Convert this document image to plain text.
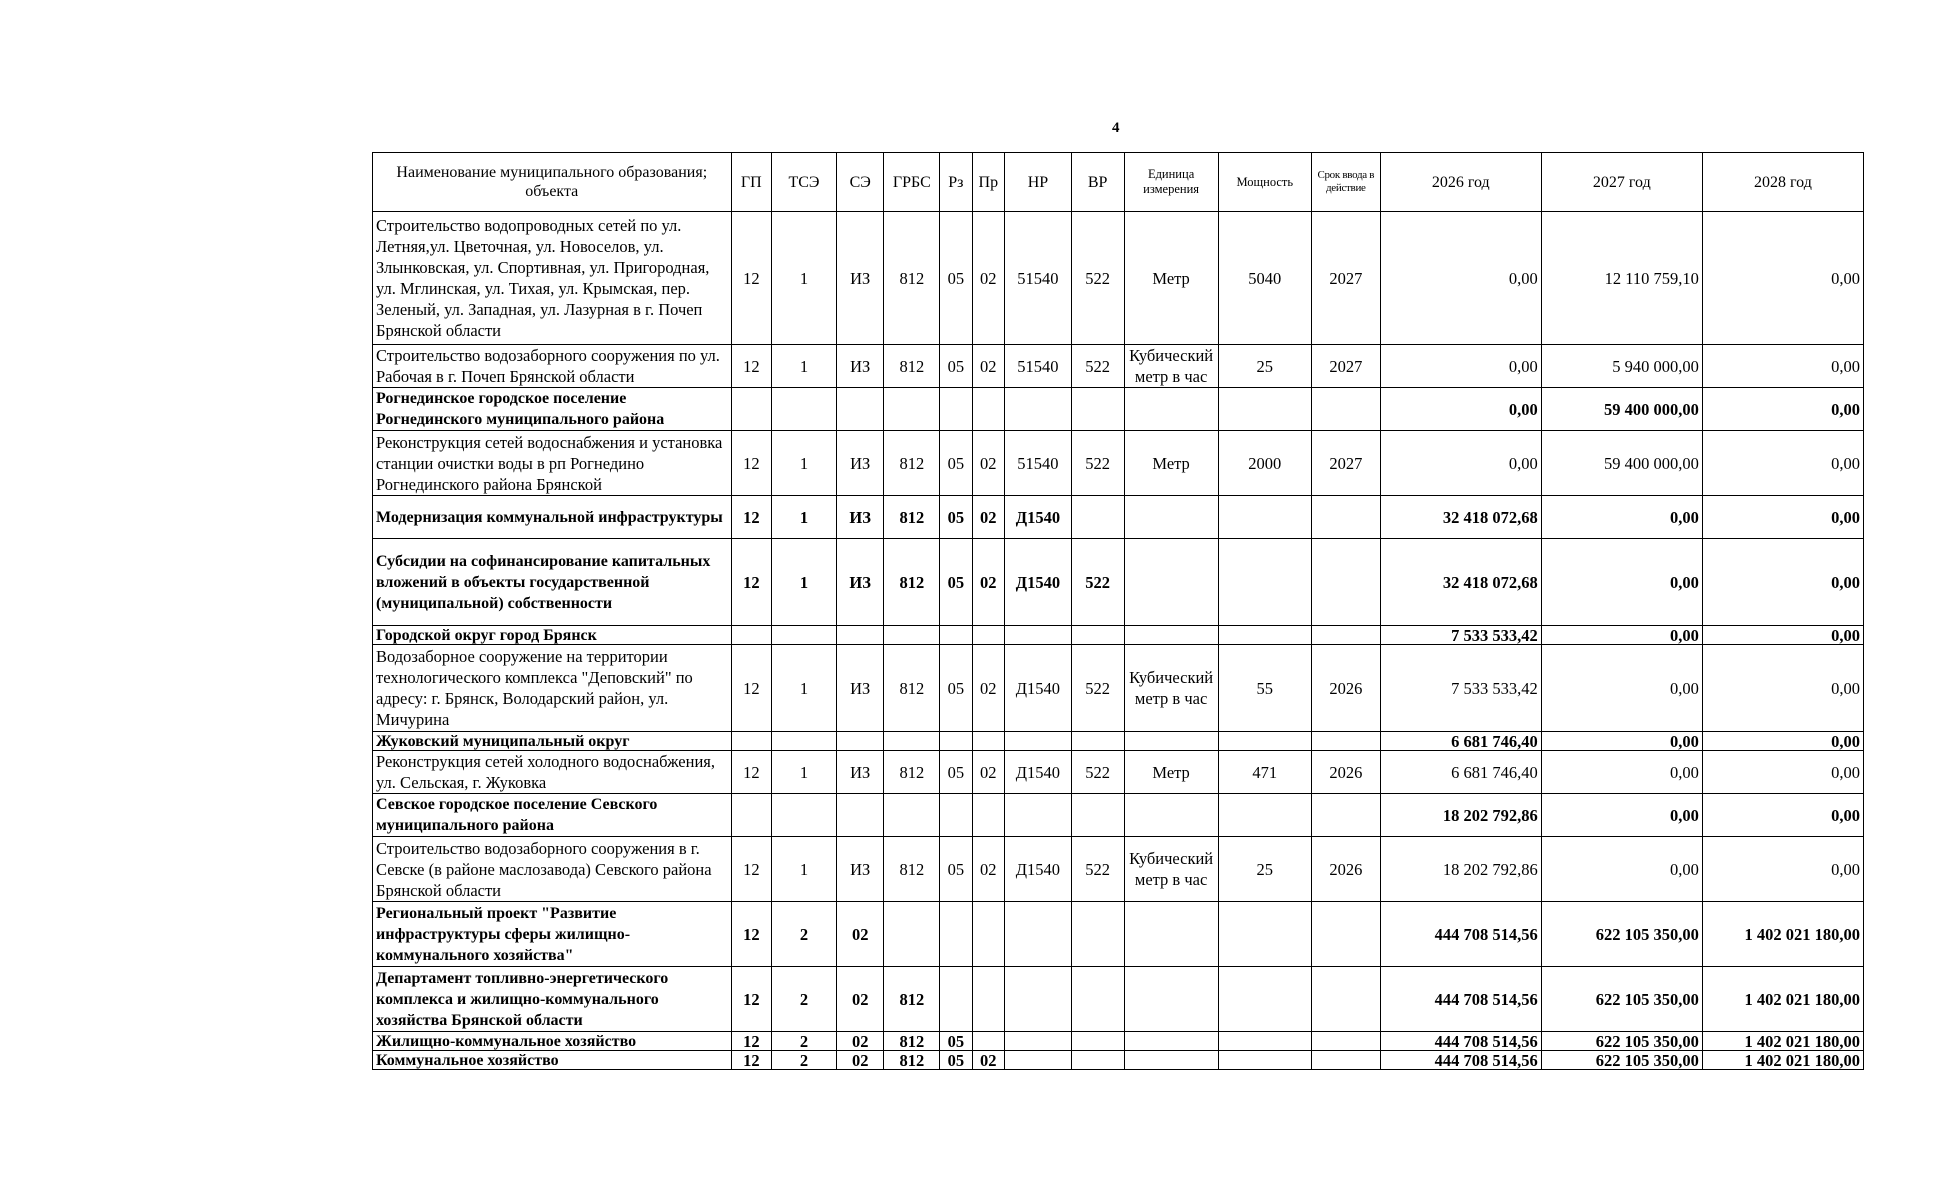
4
Наименование муниципального образования; объекта	ГП	ТСЭ	СЭ	ГРБС	Рз	Пр	НР	ВР	Единица измерения	Мощность	Срок ввода в действие	2026 год	2027 год	2028 год
Строительство водопроводных сетей по ул. Летняя,ул. Цветочная, ул. Новоселов, ул. Злынковская, ул. Спортивная, ул. Пригородная, ул. Мглинская, ул. Тихая, ул. Крымская, пер. Зеленый, ул. Западная, ул. Лазурная в г. Почеп Брянской области	12	1	ИЗ	812	05	02	51540	522	Метр	5040	2027	0,00	12 110 759,10	0,00
Строительство водозаборного сооружения по ул. Рабочая в г. Почеп Брянской области	12	1	ИЗ	812	05	02	51540	522	Кубический метр в час	25	2027	0,00	5 940 000,00	0,00
Рогнединское городское поселение Рогнединского муниципального района												0,00	59 400 000,00	0,00
Реконструкция сетей водоснабжения и установка станции очистки воды в рп Рогнедино Рогнединского района Брянской	12	1	ИЗ	812	05	02	51540	522	Метр	2000	2027	0,00	59 400 000,00	0,00
Модернизация коммунальной инфраструктуры	12	1	ИЗ	812	05	02	Д1540					32 418 072,68	0,00	0,00
Субсидии на софинансирование капитальных вложений в объекты государственной (муниципальной) собственности	12	1	ИЗ	812	05	02	Д1540	522				32 418 072,68	0,00	0,00
Городской округ город Брянск												7 533 533,42	0,00	0,00
Водозаборное сооружение на территории технологического комплекса "Деповский" по адресу: г. Брянск, Володарский район, ул. Мичурина	12	1	ИЗ	812	05	02	Д1540	522	Кубический метр в час	55	2026	7 533 533,42	0,00	0,00
Жуковский муниципальный округ												6 681 746,40	0,00	0,00
Реконструкция сетей холодного водоснабжения, ул. Сельская, г. Жуковка	12	1	ИЗ	812	05	02	Д1540	522	Метр	471	2026	6 681 746,40	0,00	0,00
Севское городское поселение Севского муниципального района												18 202 792,86	0,00	0,00
Строительство водозаборного сооружения в г. Севске (в районе маслозавода) Севского района Брянской области	12	1	ИЗ	812	05	02	Д1540	522	Кубический метр в час	25	2026	18 202 792,86	0,00	0,00
Региональный проект "Развитие инфраструктуры сферы жилищно-коммунального хозяйства"	12	2	02									444 708 514,56	622 105 350,00	1 402 021 180,00
Департамент топливно-энергетического комплекса и жилищно-коммунального хозяйства Брянской области	12	2	02	812								444 708 514,56	622 105 350,00	1 402 021 180,00
Жилищно-коммунальное хозяйство	12	2	02	812	05							444 708 514,56	622 105 350,00	1 402 021 180,00
Коммунальное хозяйство	12	2	02	812	05	02						444 708 514,56	622 105 350,00	1 402 021 180,00
